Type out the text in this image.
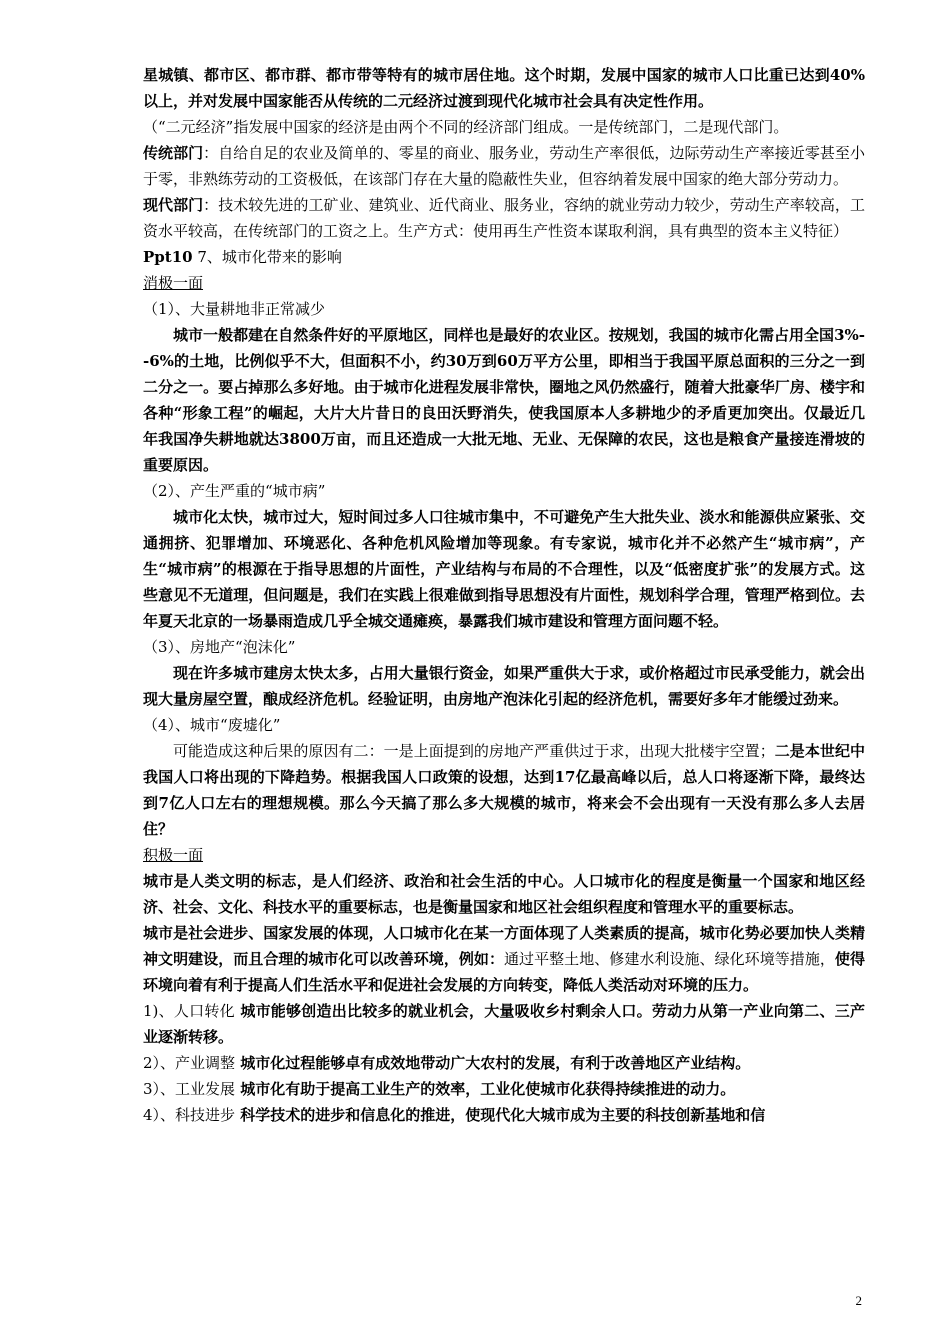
星城镇、都市区、都市群、都市带等特有的城市居住地。这个时期，发展中国家的城市人口比重已达到40%以上，并对发展中国家能否从传统的二元经济过渡到现代化城市社会具有决定性作用。

（“二元经济”指发展中国家的经济是由两个不同的经济部门组成。一是传统部门，二是现代部门。

传统部门：自给自足的农业及简单的、零星的商业、服务业，劳动生产率很低，边际劳动生产率接近零甚至小于零，非熟练劳动的工资极低，在该部门存在大量的隐蔽性失业，但容纳着发展中国家的绝大部分劳动力。

现代部门：技术较先进的工矿业、建筑业、近代商业、服务业，容纳的就业劳动力较少，劳动生产率较高，工资水平较高，在传统部门的工资之上。生产方式：使用再生产性资本谋取利润，具有典型的资本主义特征）

Ppt10 7、城市化带来的影响

消极一面

（1）、大量耕地非正常减少

城市一般都建在自然条件好的平原地区，同样也是最好的农业区。按规划，我国的城市化需占用全国3%--6%的土地，比例似乎不大，但面积不小，约30万到60万平方公里，即相当于我国平原总面积的三分之一到二分之一。要占掉那么多好地。由于城市化进程发展非常快，圈地之风仍然盛行，随着大批豪华厂房、楼宇和各种“形象工程”的崛起，大片大片昔日的良田沃野消失，使我国原本人多耕地少的矛盾更加突出。仅最近几年我国净失耕地就达3800万亩，而且还造成一大批无地、无业、无保障的农民，这也是粮食产量接连滑坡的重要原因。

（2）、产生严重的“城市病”

城市化太快，城市过大，短时间过多人口往城市集中，不可避免产生大批失业、淡水和能源供应紧张、交通拥挤、犯罪增加、环境恶化、各种危机风险增加等现象。有专家说，城市化并不必然产生“城市病”，产生“城市病”的根源在于指导思想的片面性，产业结构与布局的不合理性，以及“低密度扩张”的发展方式。这些意见不无道理，但问题是，我们在实践上很难做到指导思想没有片面性，规划科学合理，管理严格到位。去年夏天北京的一场暴雨造成几乎全城交通瘫痪，暴露我们城市建设和管理方面问题不轻。

（3）、房地产“泡沫化”

现在许多城市建房太快太多，占用大量银行资金，如果严重供大于求，或价格超过市民承受能力，就会出现大量房屋空置，酿成经济危机。经验证明，由房地产泡沫化引起的经济危机，需要好多年才能缓过劲来。

（4）、城市“废墟化”

可能造成这种后果的原因有二：一是上面提到的房地产严重供过于求，出现大批楼宇空置；二是本世纪中我国人口将出现的下降趋势。根据我国人口政策的设想，达到17亿最高峰以后，总人口将逐渐下降，最终达到7亿人口左右的理想规模。那么今天搞了那么多大规模的城市，将来会不会出现有一天没有那么多人去居住？

积极一面

城市是人类文明的标志，是人们经济、政治和社会生活的中心。人口城市化的程度是衡量一个国家和地区经济、社会、文化、科技水平的重要标志，也是衡量国家和地区社会组织程度和管理水平的重要标志。

城市是社会进步、国家发展的体现，人口城市化在某一方面体现了人类素质的提高，城市化势必要加快人类精神文明建设，而且合理的城市化可以改善环境，例如：通过平整土地、修建水利设施、绿化环境等措施，使得环境向着有利于提高人们生活水平和促进社会发展的方向转变，降低人类活动对环境的压力。

1)、人口转化 城市能够创造出比较多的就业机会，大量吸收乡村剩余人口。劳动力从第一产业向第二、三产业逐渐转移。

2）、产业调整 城市化过程能够卓有成效地带动广大农村的发展，有利于改善地区产业结构。

3）、工业发展 城市化有助于提高工业生产的效率，工业化使城市化获得持续推进的动力。

4）、科技进步 科学技术的进步和信息化的推进，使现代化大城市成为主要的科技创新基地和信

2
